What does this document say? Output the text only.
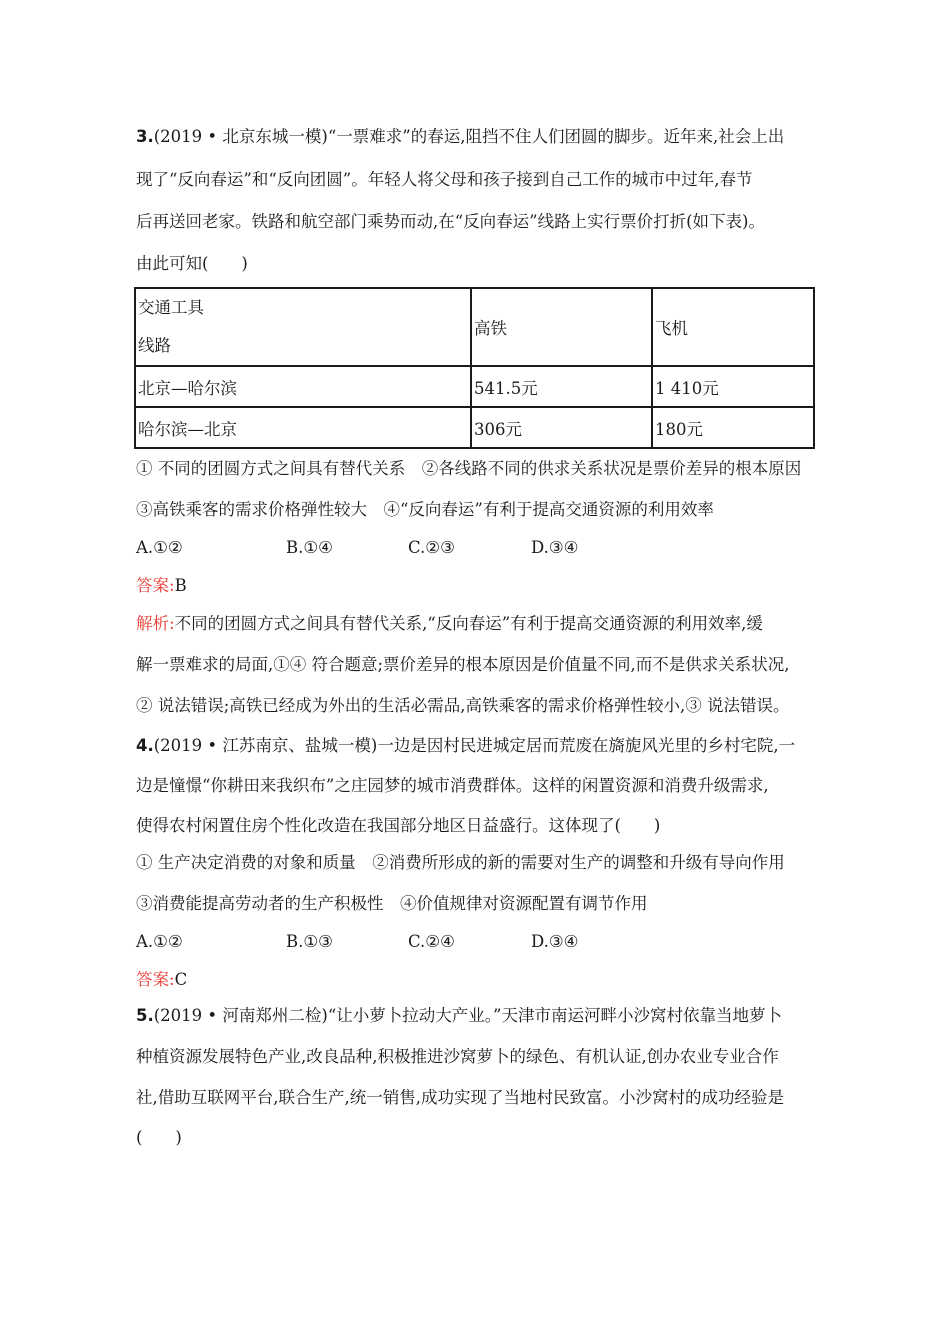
3.(2019 • 北京东城一模)“一票难求”的春运,阻挡不住人们团圆的脚步。近年来,社会上出
现了“反向春运”和“反向团圆”。年轻人将父母和孩子接到自己工作的城市中过年,春节
后再送回老家。铁路和航空部门乘势而动,在“反向春运”线路上实行票价打折(如下表)。
由此可知(　　)
交通工具
线路	高铁	飞机
北京—哈尔滨	541.5元	1 410元
哈尔滨—北京	306元	180元
① 不同的团圆方式之间具有替代关系　②各线路不同的供求关系状况是票价差异的根本原因
③高铁乘客的需求价格弹性较大　④“反向春运”有利于提高交通资源的利用效率
A.①②	B.①④	C.②③	D.③④
答案:B
解析:不同的团圆方式之间具有替代关系,“反向春运”有利于提高交通资源的利用效率,缓
解一票难求的局面,①④ 符合题意;票价差异的根本原因是价值量不同,而不是供求关系状况,
② 说法错误;高铁已经成为外出的生活必需品,高铁乘客的需求价格弹性较小,③ 说法错误。
4.(2019 • 江苏南京、盐城一模)一边是因村民进城定居而荒废在旖旎风光里的乡村宅院,一
边是憧憬“你耕田来我织布”之庄园梦的城市消费群体。这样的闲置资源和消费升级需求,
使得农村闲置住房个性化改造在我国部分地区日益盛行。这体现了(　　)
① 生产决定消费的对象和质量　②消费所形成的新的需要对生产的调整和升级有导向作用
③消费能提高劳动者的生产积极性　④价值规律对资源配置有调节作用
A.①②	B.①③	C.②④	D.③④
答案:C
5.(2019 • 河南郑州二检)“让小萝卜拉动大产业。”天津市南运河畔小沙窝村依靠当地萝卜
种植资源发展特色产业,改良品种,积极推进沙窝萝卜的绿色、有机认证,创办农业专业合作
社,借助互联网平台,联合生产,统一销售,成功实现了当地村民致富。小沙窝村的成功经验是
(　　)
